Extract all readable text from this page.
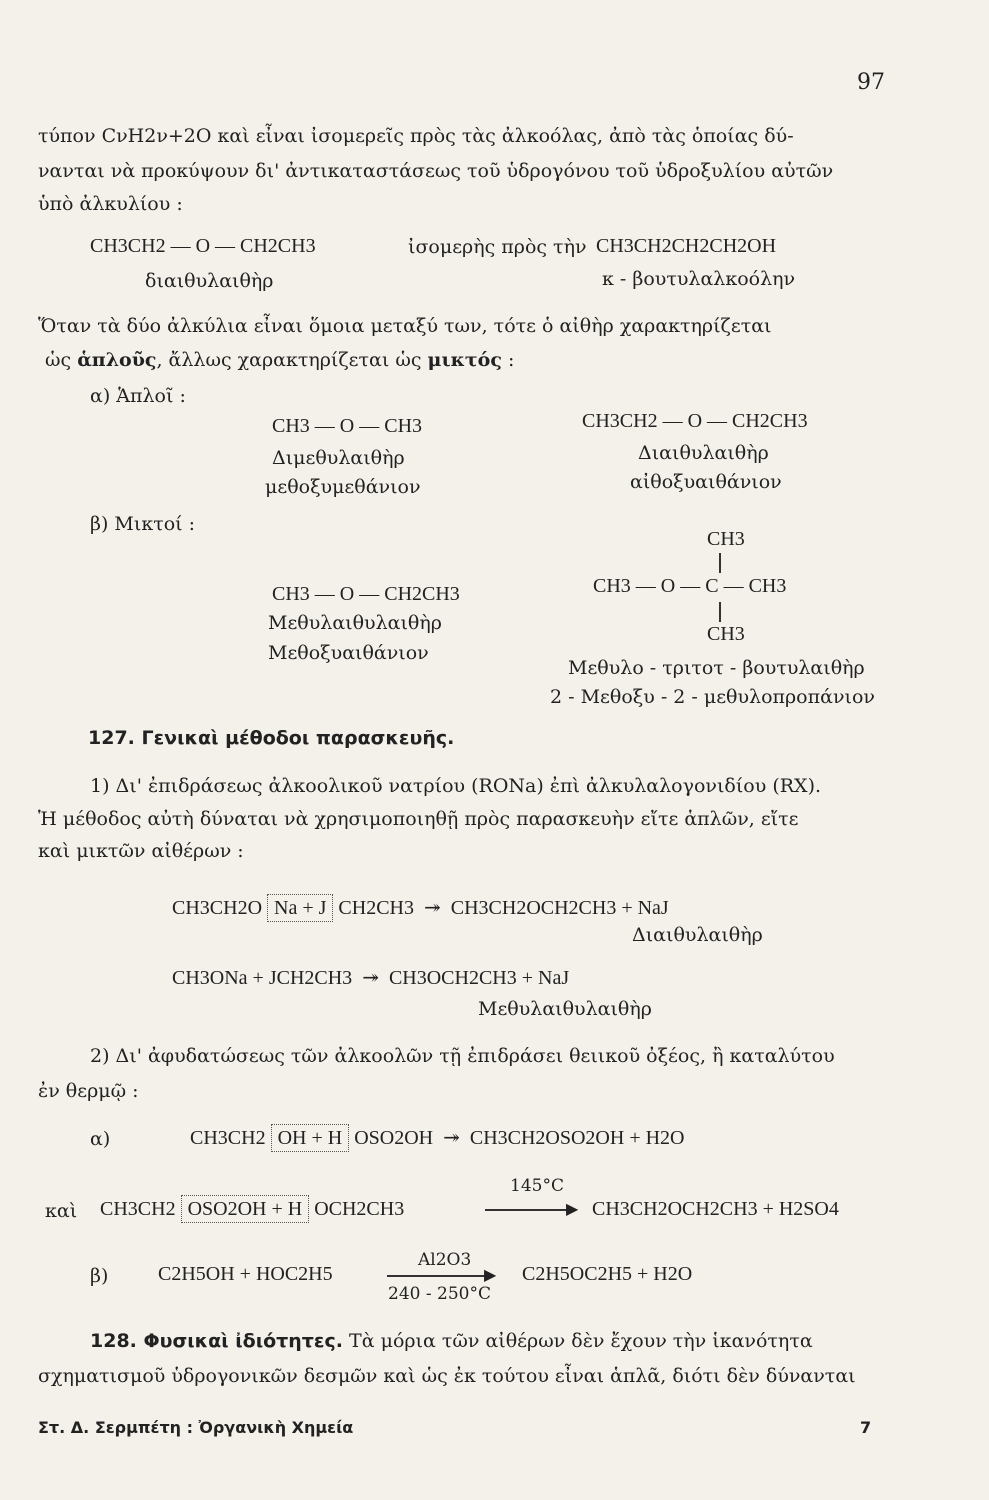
97
τύπον CνH2ν+2O καὶ εἶναι ἰσομερεῖς πρὸς τὰς ἀλκοόλας, ἀπὸ τὰς ὁποίας δύ-
νανται νὰ προκύψουν δι' ἀντικαταστάσεως τοῦ ὑδρογόνου τοῦ ὑδροξυλίου αὐτῶν
ὑπὸ ἀλκυλίου :
CH3CH2 — O — CH2CH3	ἰσομερὴς πρὸς τὴν CH3CH2CH2CH2OH
διαιθυλαιθὴρ	κ - βουτυλαλκοόλην
Ὅταν τὰ δύο ἀλκύλια εἶναι ὅμοια μεταξύ των, τότε ὁ αἰθὴρ χαρακτηρίζεται
ὡς ἁπλοῦς, ἄλλως χαρακτηρίζεται ὡς μικτός :
α) Ἁπλοῖ :
CH3 — O — CH3
Διμεθυλαιθὴρ
μεθοξυμεθάνιον
CH3CH2 — O — CH2CH3
Διαιθυλαιθὴρ
αἰθοξυαιθάνιον
β) Μικτοί :
CH3 — O — CH2CH3
Μεθυλαιθυλαιθὴρ
Μεθοξυαιθάνιον
CH3
CH3 — O — C — CH3
CH3
Μεθυλο - τριτοτ - βουτυλαιθὴρ
2 - Μεθοξυ - 2 - μεθυλοπροπάνιον
127. Γενικαὶ μέθοδοι παρασκευῆς.
1) Δι' ἐπιδράσεως ἀλκοολικοῦ νατρίου (RONa) ἐπὶ ἀλκυλαλογονιδίου (RX).
Ἡ μέθοδος αὐτὴ δύναται νὰ χρησιμοποιηθῇ πρὸς παρασκευὴν εἴτε ἁπλῶν, εἴτε
καὶ μικτῶν αἰθέρων :
CH3CH2O Na + J CH2CH3  ↠  CH3CH2OCH2CH3 + NaJ
Διαιθυλαιθὴρ
CH3ONa + JCH2CH3  ↠  CH3OCH2CH3 + NaJ
Μεθυλαιθυλαιθὴρ
2) Δι' ἀφυδατώσεως τῶν ἀλκοολῶν τῇ ἐπιδράσει θειικοῦ ὀξέος, ἢ καταλύτου
ἐν θερμῷ :
α)	CH3CH2 OH + H OSO2OH  ↠  CH3CH2OSO2OH + H2O
καὶ CH3CH2 OSO2OH + H OCH2CH3
145°C
▶ CH3CH2OCH2CH3 + H2SO4
β) C2H5OH + HOC2H5
Al2O3
▶
240 - 250°C
C2H5OC2H5 + H2O
128. Φυσικαὶ ἰδιότητες. Τὰ μόρια τῶν αἰθέρων δὲν ἔχουν τὴν ἱκανότητα
σχηματισμοῦ ὑδρογονικῶν δεσμῶν καὶ ὡς ἐκ τούτου εἶναι ἁπλᾶ, διότι δὲν δύνανται
Στ. Δ. Σερμπέτη : Ὀργανικὴ Χημεία	7
